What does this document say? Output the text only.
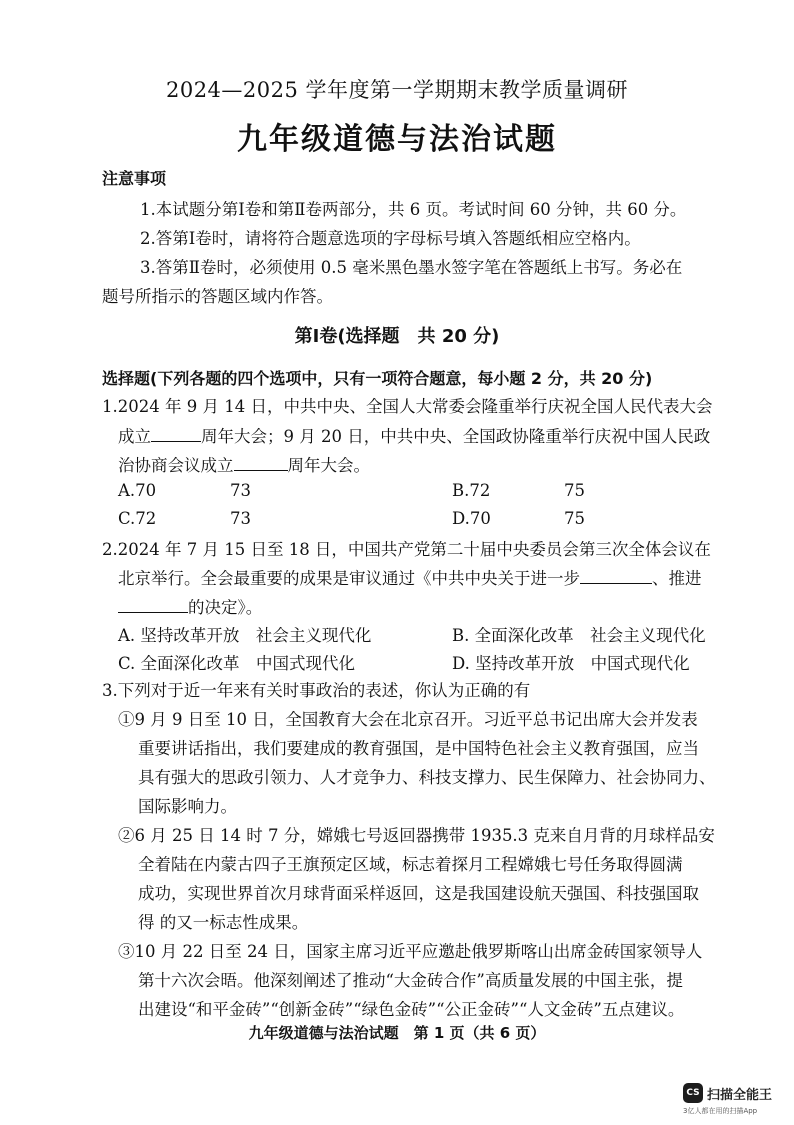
2024—2025 学年度第一学期期末教学质量调研
九年级道德与法治试题
注意事项
1.本试题分第Ⅰ卷和第Ⅱ卷两部分，共 6 页。考试时间 60 分钟，共 60 分。
2.答第Ⅰ卷时，请将符合题意选项的字母标号填入答题纸相应空格内。
3.答第Ⅱ卷时，必须使用 0.5 毫米黑色墨水签字笔在答题纸上书写。务必在
题号所指示的答题区域内作答。
第Ⅰ卷(选择题　共 20 分)
选择题(下列各题的四个选项中，只有一项符合题意，每小题 2 分，共 20 分)
1.2024 年 9 月 14 日，中共中央、全国人大常委会隆重举行庆祝全国人民代表大会
成立	周年大会；9 月 20 日，中共中央、全国政协隆重举行庆祝中国人民政
治协商会议成立	周年大会。
A.70	73	B.72	75
C.72	73	D.70	75
2.2024 年 7 月 15 日至 18 日，中国共产党第二十届中央委员会第三次全体会议在
北京举行。全会最重要的成果是审议通过《中共中央关于进一步	、推进
的决定》。
A. 坚持改革开放　社会主义现代化	B. 全面深化改革　社会主义现代化
C. 全面深化改革　中国式现代化	D. 坚持改革开放　中国式现代化
3.下列对于近一年来有关时事政治的表述，你认为正确的有
①9 月 9 日至 10 日，全国教育大会在北京召开。习近平总书记出席大会并发表
重要讲话指出，我们要建成的教育强国，是中国特色社会主义教育强国，应当
具有强大的思政引领力、人才竞争力、科技支撑力、民生保障力、社会协同力、
国际影响力。
②6 月 25 日 14 时 7 分，嫦娥七号返回器携带 1935.3 克来自月背的月球样品安
全着陆在内蒙古四子王旗预定区域，标志着探月工程嫦娥七号任务取得圆满
成功，实现世界首次月球背面采样返回，这是我国建设航天强国、科技强国取
得 的又一标志性成果。
③10 月 22 日至 24 日，国家主席习近平应邀赴俄罗斯喀山出席金砖国家领导人
第十六次会晤。他深刻阐述了推动“大金砖合作”高质量发展的中国主张，提
出建设“和平金砖”“创新金砖”“绿色金砖”“公正金砖”“人文金砖”五点建议。
九年级道德与法治试题　第 1 页（共 6 页）
CS 扫描全能王
3亿人都在用的扫描App
